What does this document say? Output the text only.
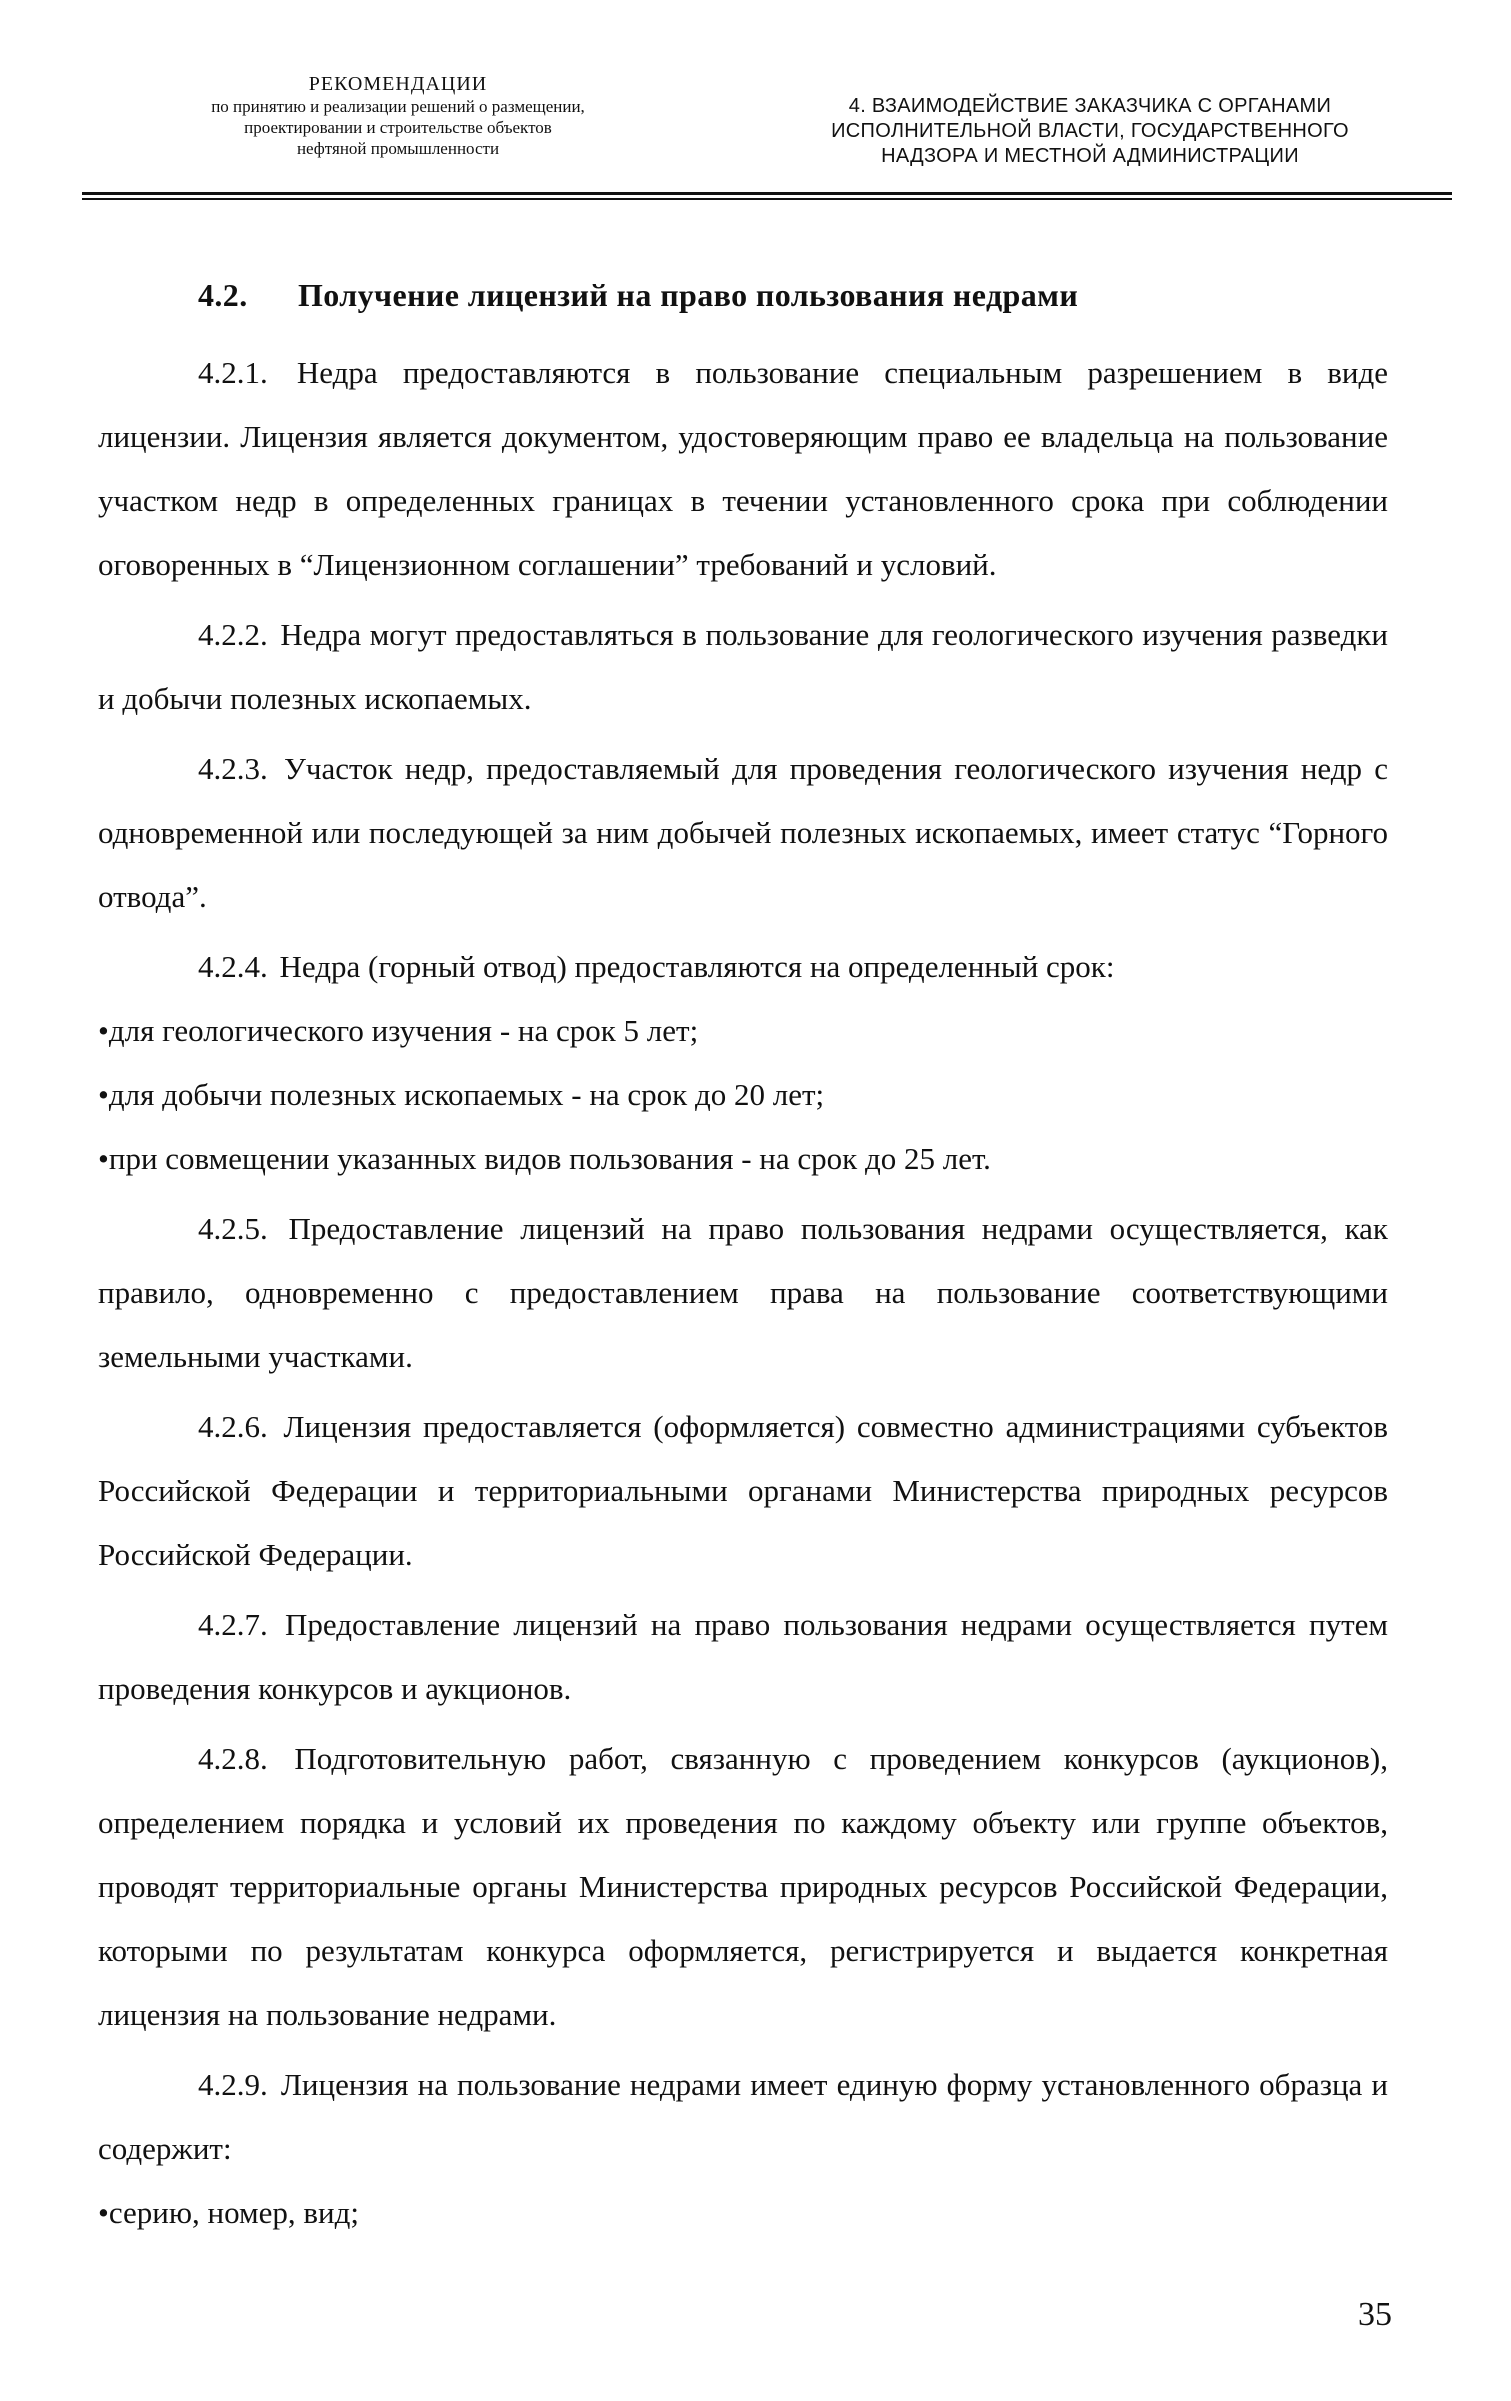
РЕКОМЕНДАЦИИ
по принятию и реализации решений о размещении,
проектировании и строительстве объектов
нефтяной промышленности
4. ВЗАИМОДЕЙСТВИЕ ЗАКАЗЧИКА С ОРГАНАМИ
ИСПОЛНИТЕЛЬНОЙ ВЛАСТИ, ГОСУДАРСТВЕННОГО
НАДЗОРА И МЕСТНОЙ АДМИНИСТРАЦИИ
4.2. Получение лицензий на право пользования недрами

4.2.1. Недра предоставляются в пользование специальным разрешением в виде лицензии. Лицензия является документом, удостоверяющим право ее владельца на пользование участком недр в определенных границах в течении установленного срока при соблюдении оговоренных в “Лицензионном соглашении” требований и условий.

4.2.2. Недра могут предоставляться в пользование для геологического изучения разведки и добычи полезных ископаемых.

4.2.3. Участок недр, предоставляемый для проведения геологического изучения недр с одновременной или последующей за ним добычей полезных ископаемых, имеет статус “Горного отвода”.

4.2.4. Недра (горный отвод) предоставляются на определенный срок:

•для геологического изучения - на срок 5 лет;

•для добычи полезных ископаемых - на срок до 20 лет;

•при совмещении указанных видов пользования - на срок до 25 лет.

4.2.5. Предоставление лицензий на право пользования недрами осуществляется, как правило, одновременно с предоставлением права на пользование соответствующими земельными участками.

4.2.6. Лицензия предоставляется (оформляется) совместно администрациями субъектов Российской Федерации и территориальными органами Министерства природных ресурсов Российской Федерации.

4.2.7. Предоставление лицензий на право пользования недрами осуществляется путем проведения конкурсов и аукционов.

4.2.8. Подготовительную работ, связанную с проведением конкурсов (аукционов), определением порядка и условий их проведения по каждому объекту или группе объектов, проводят территориальные органы Министерства природных ресурсов Российской Федерации, которыми по результатам конкурса оформляется, регистрируется и выдается конкретная лицензия на пользование недрами.

4.2.9. Лицензия на пользование недрами имеет единую форму установленного образца и содержит:

•серию, номер, вид;

35
